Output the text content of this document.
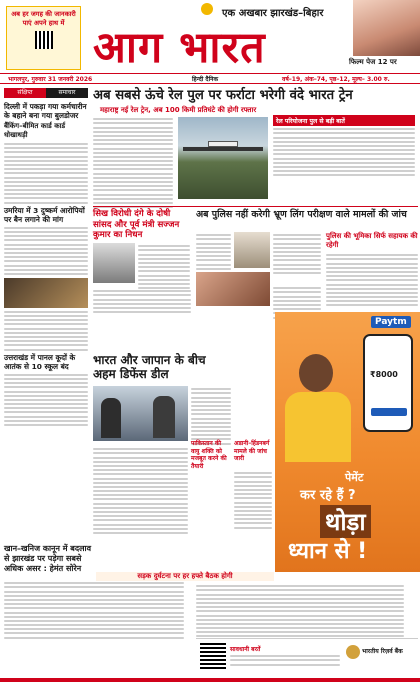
अब हर जगह की जानकारी पाएं अपने हाथ में
एक अखबार झारखंड–बिहार
आग भारत	फिल्म पेज 12 पर
भागलपुर, गुरुवार 31 जनवरी 2026	हिन्दी दैनिक	वर्ष–19, अंक–74, पृष्ठ–12, मूल्य– 3.00 रु.
संक्षिप्त	समाचार
दिल्ली में पकड़ा गया कर्मचारीन के बहाने बना गया बुलडोजर
बैंकिंग–बीमित कार्ड कार्ड धोखाधड़ी
उमरिया में 3 दुष्कर्म आरोपियों पर बैन लगाने की मांग
उत्तराखंड में पानल कूदों के आतंक से 10 स्कूल बंद
अब सबसे ऊंचे रेल पुल पर फर्राटा भरेगी वंदे भारत ट्रेन
महाराष्ट्र नई रेल ट्रेन, अब 100 किमी प्रतिघंटे की होगी रफ्तार
रेल परियोजना पुल से बड़ी बातें
सिख विरोधी दंगे के दोषी सांसद और पूर्व मंत्री सज्जन कुमार का निधन
अब पुलिस नहीं करेगी भ्रूण लिंग परीक्षण वाले मामलों की जांच
पुलिस की भूमिका सिर्फ सहायक की रहेगी
भारत और जापान के बीच अहम डिफेंस डील
पाकिस्तान की वायु शक्ति को मजबूत करने की तैयारी
अडानी–हिंडनबर्ग मामले की जांच जारी
खान–खनिज कानून में बदलाव से झारखंड पर पड़ेगा सबसे अधिक असर : हेमंत सोरेन
सड़क दुर्घटना पर हर हफ्ते बैठक होगी
Paytm
₹8000
पेमेंट
कर रहे हैं ?
थोड़ा
ध्यान से !
सावधानी बरतें	भारतीय रिज़र्व बैंक
